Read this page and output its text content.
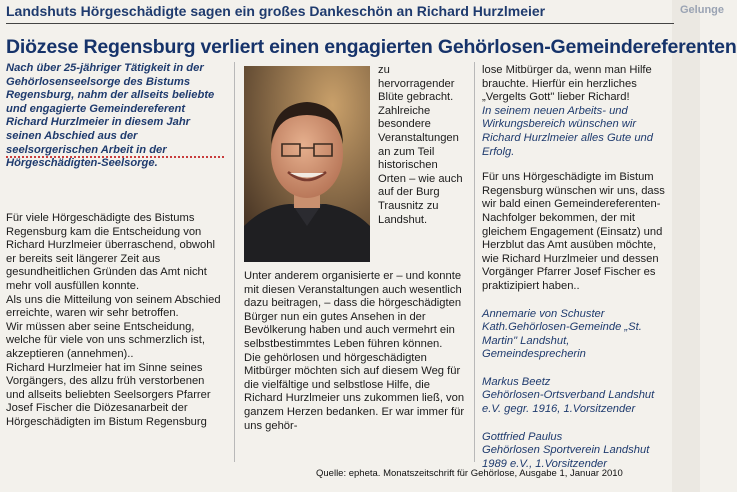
Gelunge
Landshuts Hörgeschädigte sagen ein großes Dankeschön an Richard Hurzlmeier
Diözese Regensburg verliert einen engagierten Gehörlosen-Gemeindereferenten
Nach über 25-jähriger Tätigkeit in der Gehörlosenseelsorge des Bistums Regensburg, nahm der allseits beliebte und engagierte Gemeindereferent Richard Hurzlmeier in diesem Jahr seinen Abschied aus der seelsorgerischen Arbeit in der Hörgeschädigten-Seelsorge.

Für viele Hörgeschädigte des Bistums Regensburg kam die Entscheidung von Richard Hurzlmeier überraschend, obwohl er bereits seit längerer Zeit aus gesundheitlichen Gründen das Amt nicht mehr voll ausfüllen konnte.

Als uns die Mitteilung von seinem Abschied erreichte, waren wir sehr betroffen.

Wir müssen aber seine Entscheidung, welche für viele von uns schmerzlich ist, akzeptieren (annehmen)..

Richard Hurzlmeier hat im Sinne seines Vorgängers, des allzu früh verstorbenen und allseits beliebten Seelsorgers Pfarrer Josef Fischer die Diözesanarbeit der Hörgeschädigten im Bistum Regensburg

zu hervorragender Blüte gebracht. Zahlreiche besondere Veranstaltungen an zum Teil historischen Orten – wie auch auf der Burg Trausnitz zu Landshut.

Unter anderem organisierte er – und konnte mit diesen Veranstaltungen auch wesentlich dazu beitragen, – dass die hörgeschädigten Bürger nun ein gutes Ansehen in der Bevölkerung haben und auch vermehrt ein selbstbestimmtes Leben führen können.

Die gehörlosen und hörgeschädigten Mitbürger möchten sich auf diesem Weg für die vielfältige und selbstlose Hilfe, die Richard Hurzlmeier uns zukommen ließ, von ganzem Herzen bedanken. Er war immer für uns gehör-

lose Mitbürger da, wenn man Hilfe brauchte. Hierfür ein herzliches „Vergelts Gott" lieber Richard!

In seinem neuen Arbeits- und Wirkungsbereich wünschen wir Richard Hurzlmeier alles Gute und Erfolg.

Für uns Hörgeschädigte im Bistum Regensburg wünschen wir uns, dass wir bald einen Gemeindereferenten-Nachfolger bekommen, der mit gleichem Engagement (Einsatz) und Herzblut das Amt ausüben möchte, wie Richard Hurzlmeier und dessen Vorgänger Pfarrer Josef Fischer es praktizipiert haben..

Annemarie von Schuster
Kath.Gehörlosen-Gemeinde „St. Martin" Landshut, Gemeindesprecherin
Markus Beetz
Gehörlosen-Ortsverband Landshut e.V. gegr. 1916, 1.Vorsitzender
Gottfried Paulus
Gehörlosen Sportverein Landshut 1989 e.V., 1.Vorsitzender
Quelle: epheta. Monatszeitschrift für Gehörlose, Ausgabe 1, Januar 2010
